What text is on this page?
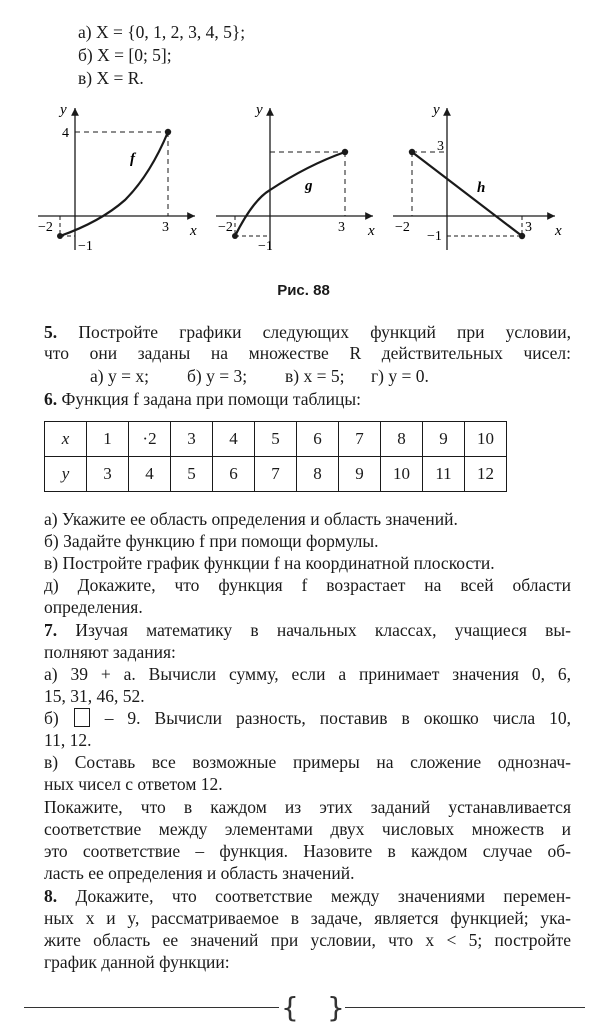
а) X = {0, 1, 2, 3, 4, 5};
б) X = [0; 5];
в) X = R.
−2
−1
3
4
f
x
y
−2
−1
3
g
x
y
−2
−1
3
3
h
x
y
Рис. 88
5. Постройте графики следующих функций при условии,
что они заданы на множестве R действительных чисел:
а) y = x; б) y = 3; в) x = 5; г) y = 0.
6. Функция f задана при помощи таблицы:
x	1	·2	3	4	5	6	7	8	9	10
y	3	4	5	6	7	8	9	10	11	12
а) Укажите ее область определения и область значений.
б) Задайте функцию f при помощи формулы.
в) Постройте график функции f на координатной плоскости.
д) Докажите, что функция f возрастает на всей области
определения.
7. Изучая математику в начальных классах, учащиеся вы-
полняют задания:
а) 39 + a. Вычисли сумму, если a принимает значения 0, 6,
15, 31, 46, 52.
б)	– 9. Вычисли разность, поставив в окошко числа 10,
11, 12.
в) Составь все возможные примеры на сложение однознач-
ных чисел с ответом 12.
Покажите, что в каждом из этих заданий устанавливается
соответствие между элементами двух числовых множеств и
это соответствие – функция. Назовите в каждом случае об-
ласть ее определения и область значений.
8. Докажите, что соответствие между значениями перемен-
ных x и y, рассматриваемое в задаче, является функцией; ука-
жите область ее значений при условии, что x < 5; постройте
график данной функции:
{ }
